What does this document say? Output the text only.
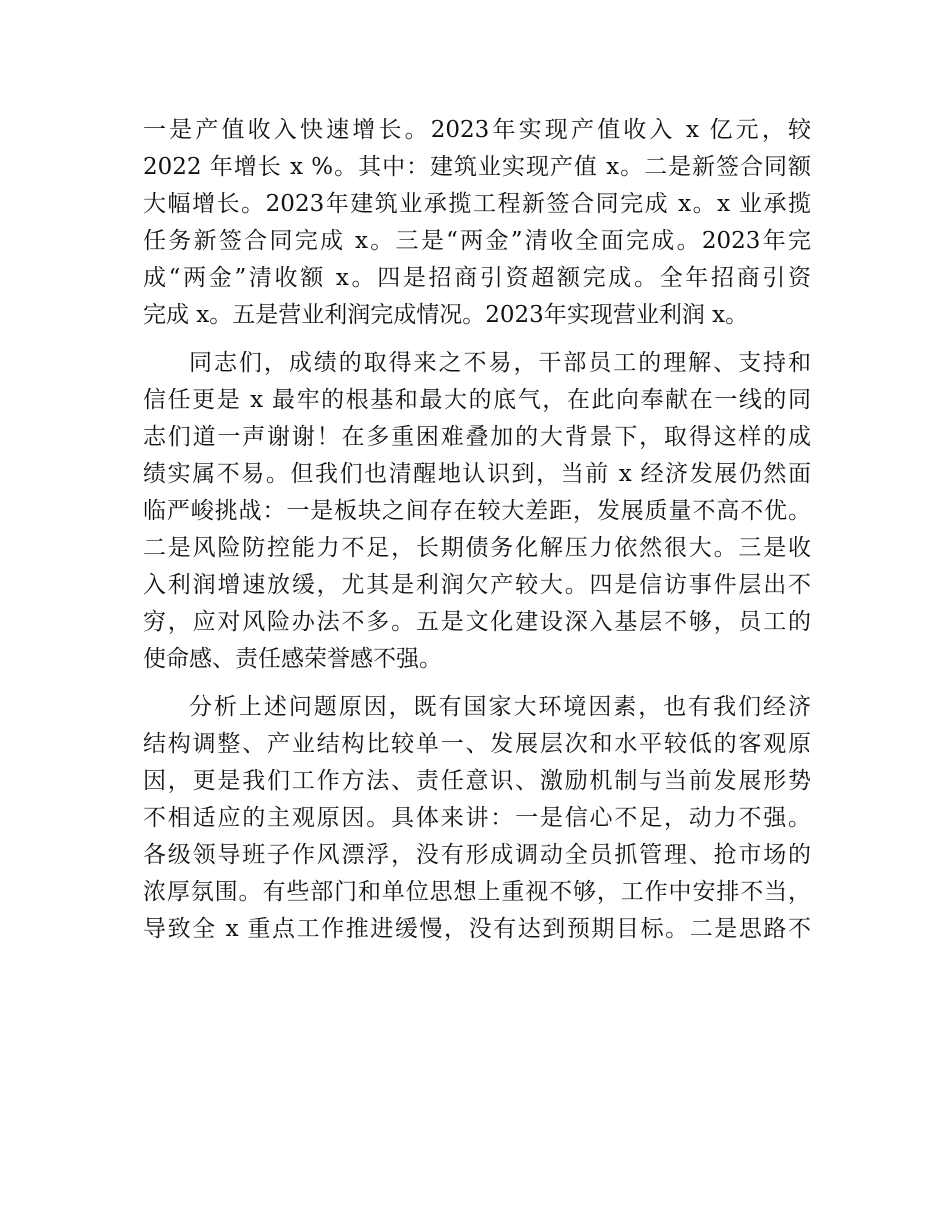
一是产值收入快速增长。2023年实现产值收入 x 亿元，较
2022 年增长 x %。其中：建筑业实现产值 x。二是新签合同额
大幅增长。2023年建筑业承揽工程新签合同完成 x。x 业承揽
任务新签合同完成 x。三是“两金”清收全面完成。2023年完
成“两金”清收额 x。四是招商引资超额完成。全年招商引资
完成 x。五是营业利润完成情况。2023年实现营业利润 x。
同志们，成绩的取得来之不易，干部员工的理解、支持和
信任更是 x 最牢的根基和最大的底气，在此向奉献在一线的同
志们道一声谢谢！在多重困难叠加的大背景下，取得这样的成
绩实属不易。但我们也清醒地认识到，当前 x 经济发展仍然面
临严峻挑战：一是板块之间存在较大差距，发展质量不高不优。
二是风险防控能力不足，长期债务化解压力依然很大。三是收
入利润增速放缓，尤其是利润欠产较大。四是信访事件层出不
穷，应对风险办法不多。五是文化建设深入基层不够，员工的
使命感、责任感荣誉感不强。
分析上述问题原因，既有国家大环境因素，也有我们经济
结构调整、产业结构比较单一、发展层次和水平较低的客观原
因，更是我们工作方法、责任意识、激励机制与当前发展形势
不相适应的主观原因。具体来讲：一是信心不足，动力不强。
各级领导班子作风漂浮，没有形成调动全员抓管理、抢市场的
浓厚氛围。有些部门和单位思想上重视不够，工作中安排不当，
导致全 x 重点工作推进缓慢，没有达到预期目标。二是思路不
